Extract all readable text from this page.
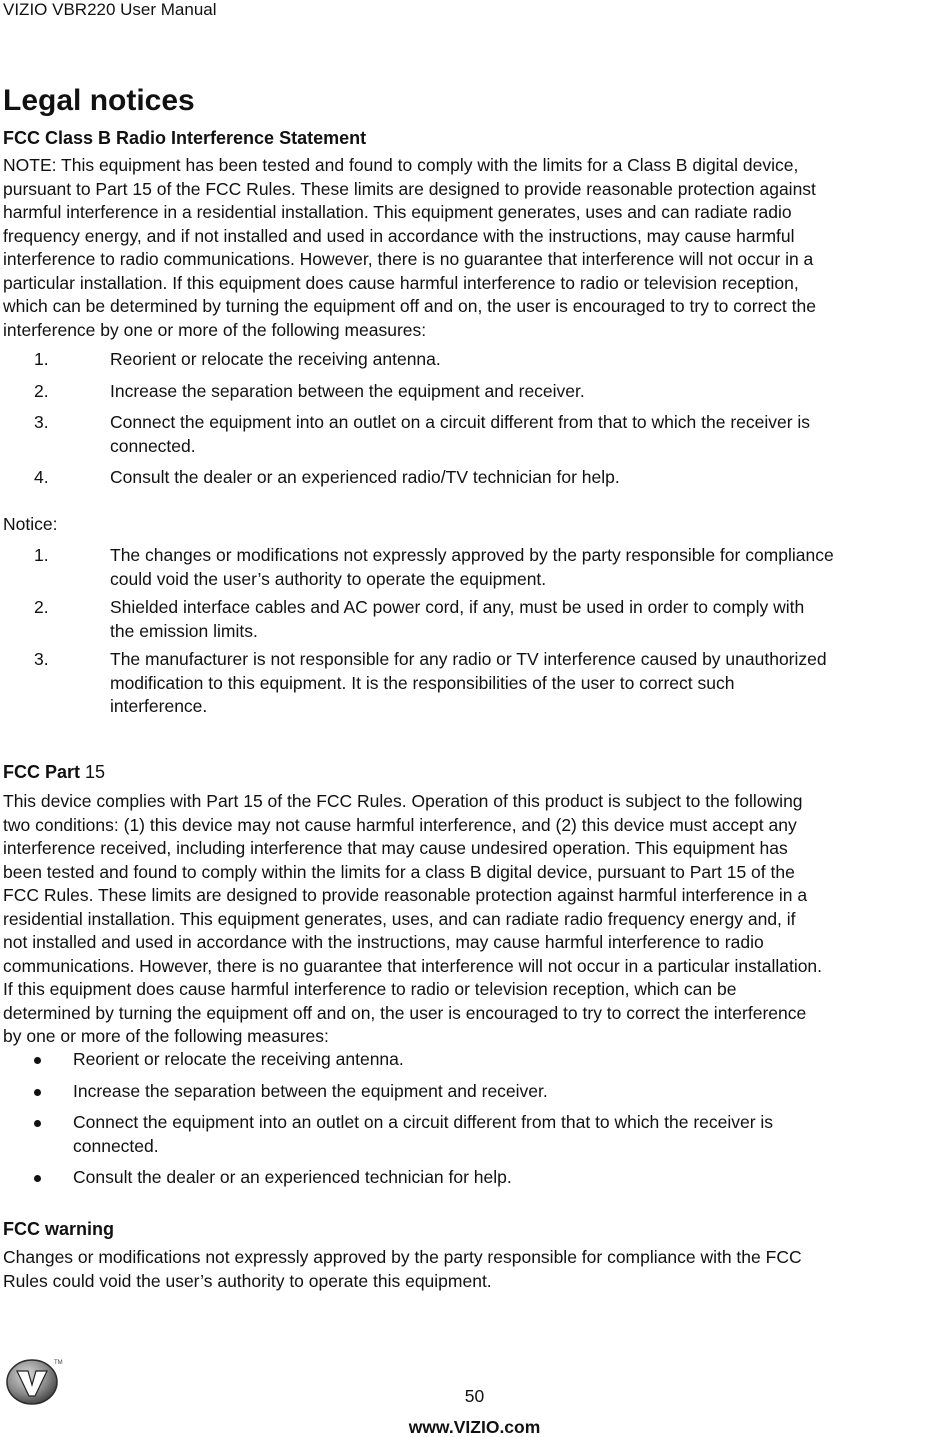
VIZIO VBR220 User Manual
Legal notices
FCC Class B Radio Interference Statement
NOTE: This equipment has been tested and found to comply with the limits for a Class B digital device,
pursuant to Part 15 of the FCC Rules. These limits are designed to provide reasonable protection against
harmful interference in a residential installation. This equipment generates, uses and can radiate radio
frequency energy, and if not installed and used in accordance with the instructions, may cause harmful
interference to radio communications. However, there is no guarantee that interference will not occur in a
particular installation. If this equipment does cause harmful interference to radio or television reception,
which can be determined by turning the equipment off and on, the user is encouraged to try to correct the
interference by one or more of the following measures:
1.	Reorient or relocate the receiving antenna.
2.	Increase the separation between the equipment and receiver.
3.	Connect the equipment into an outlet on a circuit different from that to which the receiver is
connected.
4.	Consult the dealer or an experienced radio/TV technician for help.
Notice:
1.	The changes or modifications not expressly approved by the party responsible for compliance
could void the user’s authority to operate the equipment.
2.	Shielded interface cables and AC power cord, if any, must be used in order to comply with
the emission limits.
3.	The manufacturer is not responsible for any radio or TV interference caused by unauthorized
modification to this equipment. It is the responsibilities of the user to correct such
interference.
FCC Part 15
This device complies with Part 15 of the FCC Rules. Operation of this product is subject to the following
two conditions: (1) this device may not cause harmful interference, and (2) this device must accept any
interference received, including interference that may cause undesired operation. This equipment has
been tested and found to comply within the limits for a class B digital device, pursuant to Part 15 of the
FCC Rules. These limits are designed to provide reasonable protection against harmful interference in a
residential installation. This equipment generates, uses, and can radiate radio frequency energy and, if
not installed and used in accordance with the instructions, may cause harmful interference to radio
communications. However, there is no guarantee that interference will not occur in a particular installation.
If this equipment does cause harmful interference to radio or television reception, which can be
determined by turning the equipment off and on, the user is encouraged to try to correct the interference
by one or more of the following measures:
Reorient or relocate the receiving antenna.
Increase the separation between the equipment and receiver.
Connect the equipment into an outlet on a circuit different from that to which the receiver is
connected.
Consult the dealer or an experienced technician for help.
FCC warning
Changes or modifications not expressly approved by the party responsible for compliance with the FCC
Rules could void the user’s authority to operate this equipment.
TM
50
www.VIZIO.com
